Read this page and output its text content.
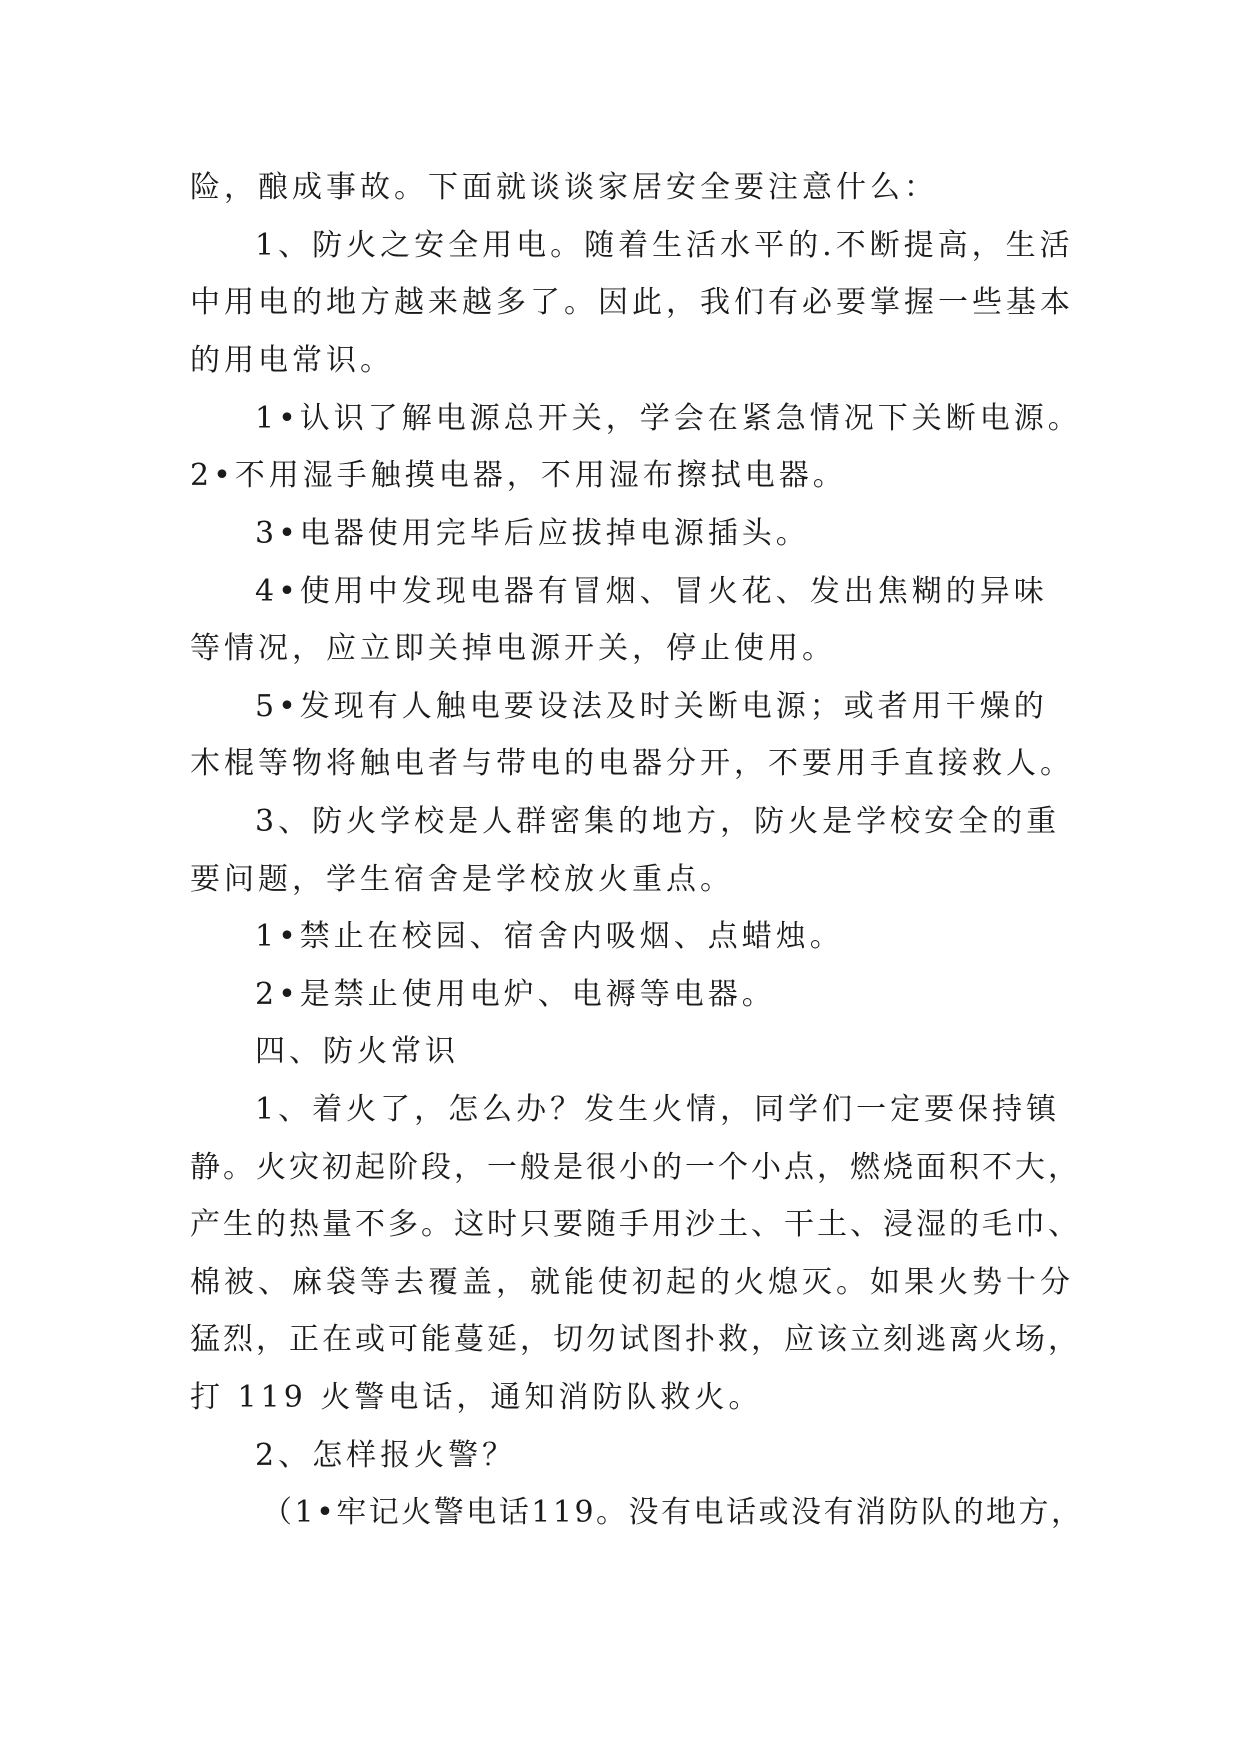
险，酿成事故。下面就谈谈家居安全要注意什么：
1、防火之安全用电。随着生活水平的.不断提高，生活
中用电的地方越来越多了。因此，我们有必要掌握一些基本
的用电常识。
1•认识了解电源总开关，学会在紧急情况下关断电源。
2•不用湿手触摸电器，不用湿布擦拭电器。
3•电器使用完毕后应拔掉电源插头。
4•使用中发现电器有冒烟、冒火花、发出焦糊的异味
等情况，应立即关掉电源开关，停止使用。
5•发现有人触电要设法及时关断电源；或者用干燥的
木棍等物将触电者与带电的电器分开，不要用手直接救人。
3、防火学校是人群密集的地方，防火是学校安全的重
要问题，学生宿舍是学校放火重点。
1•禁止在校园、宿舍内吸烟、点蜡烛。
2•是禁止使用电炉、电褥等电器。
四、防火常识
1、着火了，怎么办？发生火情，同学们一定要保持镇
静。火灾初起阶段，一般是很小的一个小点，燃烧面积不大，
产生的热量不多。这时只要随手用沙土、干土、浸湿的毛巾、
棉被、麻袋等去覆盖，就能使初起的火熄灭。如果火势十分
猛烈，正在或可能蔓延，切勿试图扑救，应该立刻逃离火场，
打 119 火警电话，通知消防队救火。
2、怎样报火警？
（1•牢记火警电话119。没有电话或没有消防队的地方，
